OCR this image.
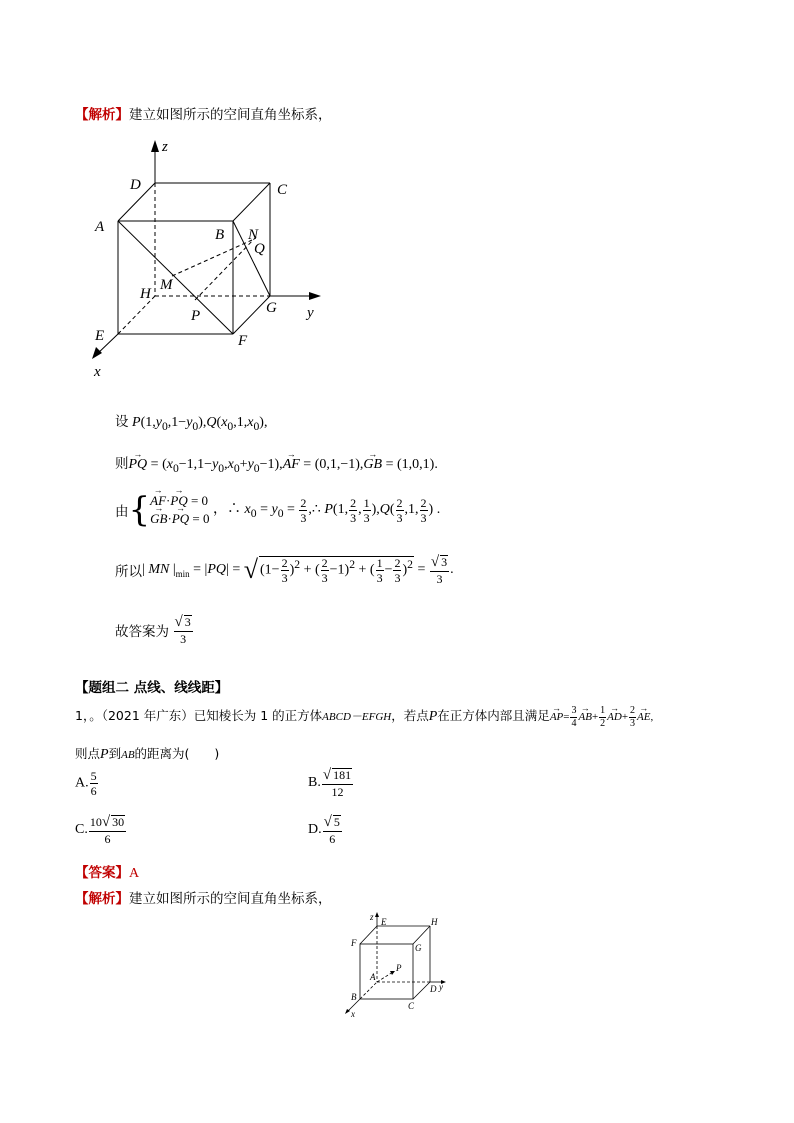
【解析】建立如图所示的空间直角坐标系，
z
y
x
D	C
A	B N
Q
M
H
G
P
E	F
设 $P(1,y_0,1-y_0),Q(x_0,1,x_0)$,
则→ PQ = $(x_0-1,1-y_0,x_0+y_0-1),\to$ AF = (0,1,−1),→ GB = (1,0,1).
由{→ AF·→ PQ = 0
→ GB·→ PQ = 0 ，∴ $x_0 = y_0 = \frac{2}{3}$ ,∴ P(1, $\frac{2}{3}$ , $\frac{1}{3} ),Q( \frac{2}{3} ,1$, $\frac{2}{3}$ ) .
所以| MN $|_{min} = |PQ|$ = √ $(1- \frac{2}{3} )^2$ + ( $\frac{2}{3} -1)^2$ + ( $\frac{1}{3} - \frac{2}{3} )^2 = \frac{√ 3}{3}$ .
故答案为 $\frac{√ 3}{3}$
【题组二 点线、线线距】
1，。（2021 年广东）已知棱长为 1 的正方体ABCD－EFGH，若点P在正方体内部且满足→ $AP= \frac{3}{4}$
→ $AB+ \frac{1}{2}$
→ $AD+ \frac{2}{3}$
→ AE,
则点P到AB的距离为(　　)
A. $\frac{5}{6}$	B. $\frac{√ 181}{12}$
C. $\frac{10√ 30}{6}$	D. $\frac{√ 5}{6}$
【答案】A
【解析】建立如图所示的空间直角坐标系，
z E	H
F	G
A
P
D y
B
C
x
